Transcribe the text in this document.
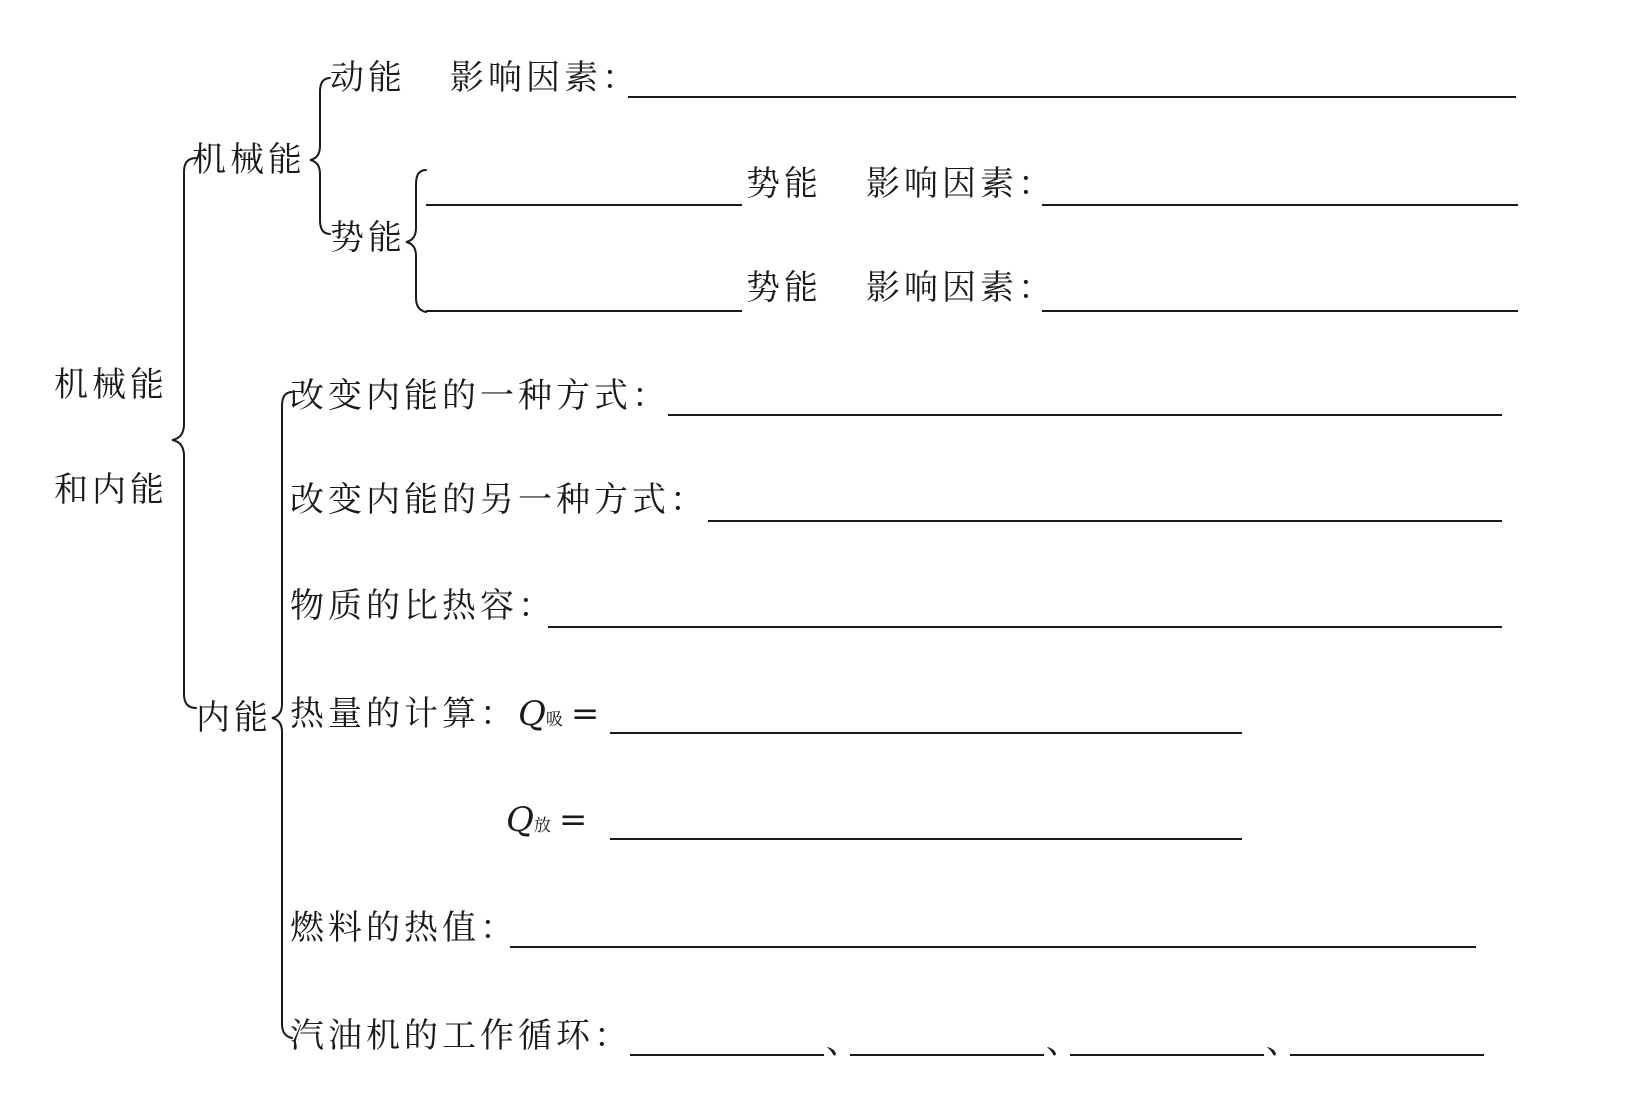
机械能
和内能
机械能
动能 影响因素：
势能
势能 影响因素：
势能 影响因素：
内能
改变内能的一种方式：
改变内能的另一种方式：
物质的比热容：
热量的计算：Q吸 =
Q放 =
燃料的热值：
汽油机的工作循环：	、	、	、
